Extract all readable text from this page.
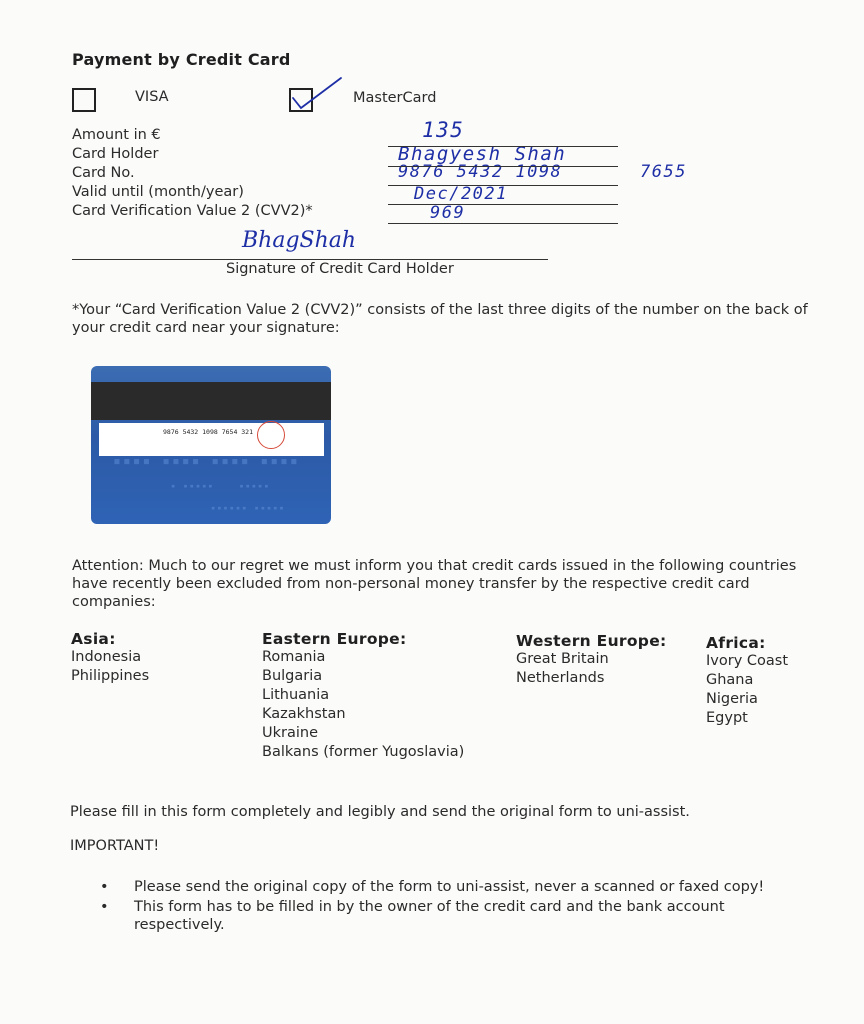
Payment by Credit Card
VISA	MasterCard
Amount in €
Card Holder
Card No.
Valid until (month/year)
Card Verification Value 2 (CVV2)*
135
Bhagyesh Shah
9876 5432 1098	7655
Dec/2021
969
BhagShah
Signature of Credit Card Holder
*Your “Card Verification Value 2 (CVV2)” consists of the last three digits of the number on the back of your credit card near your signature:
9876 5432 1098 7654 321
▪▪▪▪ ▪▪▪▪ ▪▪▪▪ ▪▪▪▪
▪ ▪▪▪▪▪    ▪▪▪▪▪
▪▪▪▪▪▪ ▪▪▪▪▪
Attention: Much to our regret we must inform you that credit cards issued in the following countries have recently been excluded from non-personal money transfer by the respective credit card companies:
Asia:
Indonesia
Philippines
Eastern Europe:
Romania
Bulgaria
Lithuania
Kazakhstan
Ukraine
Balkans (former Yugoslavia)
Western Europe:
Great Britain
Netherlands
Africa:
Ivory Coast
Ghana
Nigeria
Egypt
Please fill in this form completely and legibly and send the original form to uni-assist.
IMPORTANT!
• Please send the original copy of the form to uni-assist, never a scanned or faxed copy!
• This form has to be filled in by the owner of the credit card and the bank account respectively.
